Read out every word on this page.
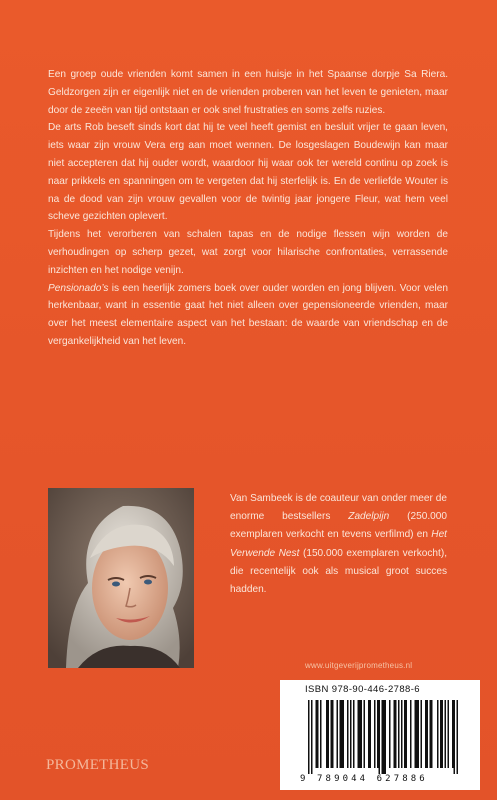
Een groep oude vrienden komt samen in een huisje in het Spaanse dorpje Sa Riera. Geldzorgen zijn er eigenlijk niet en de vrienden proberen van het leven te genieten, maar door de zeeën van tijd ontstaan er ook snel frustraties en soms zelfs ruzies.

De arts Rob beseft sinds kort dat hij te veel heeft gemist en besluit vrijer te gaan leven, iets waar zijn vrouw Vera erg aan moet wennen. De losgeslagen Boudewijn kan maar niet accepteren dat hij ouder wordt, waardoor hij waar ook ter wereld continu op zoek is naar prikkels en spanningen om te vergeten dat hij sterfelijk is. En de verliefde Wouter is na de dood van zijn vrouw gevallen voor de twintig jaar jongere Fleur, wat hem veel scheve gezichten oplevert.

Tijdens het verorberen van schalen tapas en de nodige flessen wijn worden de verhoudingen op scherp gezet, wat zorgt voor hilarische confrontaties, verrassende inzichten en het nodige venijn.

Pensionado’s is een heerlijk zomers boek over ouder worden en jong blijven. Voor velen herkenbaar, want in essentie gaat het niet alleen over gepensioneerde vrienden, maar over het meest elementaire aspect van het bestaan: de waarde van vriendschap en de vergankelijkheid van het leven.

Van Sambeek is de coauteur van onder meer de enorme bestsellers Zadelpijn (250.000 exemplaren verkocht en tevens verfilmd) en Het Verwende Nest (150.000 exemplaren verkocht), die recentelijk ook als musical groot succes hadden.

www.uitgeverijprometheus.nl
PROMETHEUS
ISBN 978-90-446-2788-6
9 789044 627886
